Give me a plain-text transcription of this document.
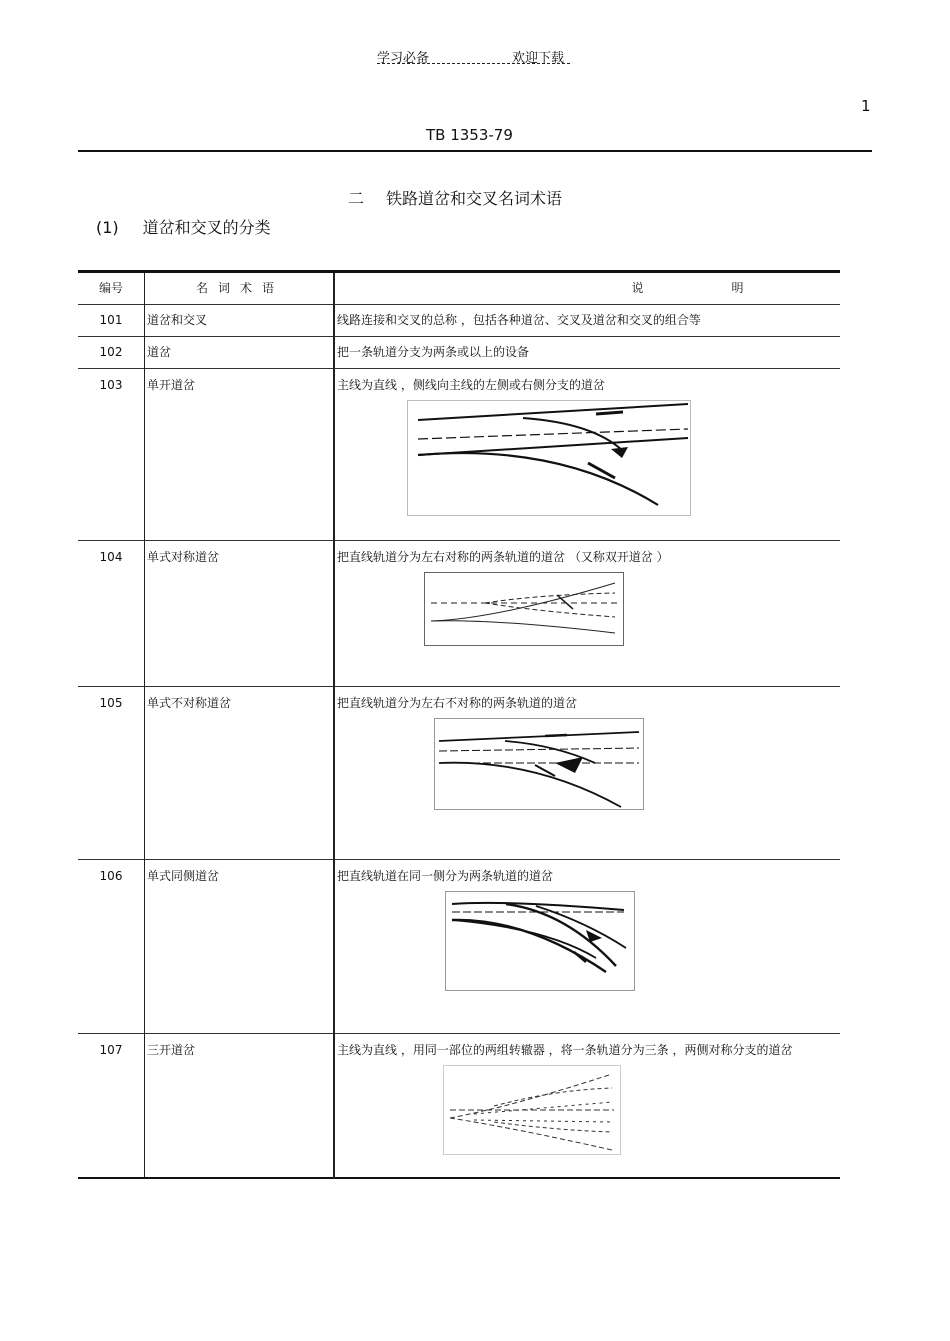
学习必备	欢迎下载
1
TB 1353-79
二 铁路道岔和交叉名词术语
(1) 道岔和交叉的分类
编号	名词术语	说 明
101	道岔和交叉	线路连接和交叉的总称 ，包括各种道岔、交叉及道岔和交叉的组合等
102	道岔	把一条轨道分支为两条或以上的设备
103	单开道岔	主线为直线 ，侧线向主线的左侧或右侧分支的道岔

104	单式对称道岔	把直线轨道分为左右对称的两条轨道的道岔 （又称双开道岔 ）

105	单式不对称道岔	把直线轨道分为左右不对称的两条轨道的道岔

106	单式同侧道岔	把直线轨道在同一侧分为两条轨道的道岔

107	三开道岔	主线为直线 ，用同一部位的两组转辙器 ，将一条轨道分为三条 ，两侧对称分支的道岔
